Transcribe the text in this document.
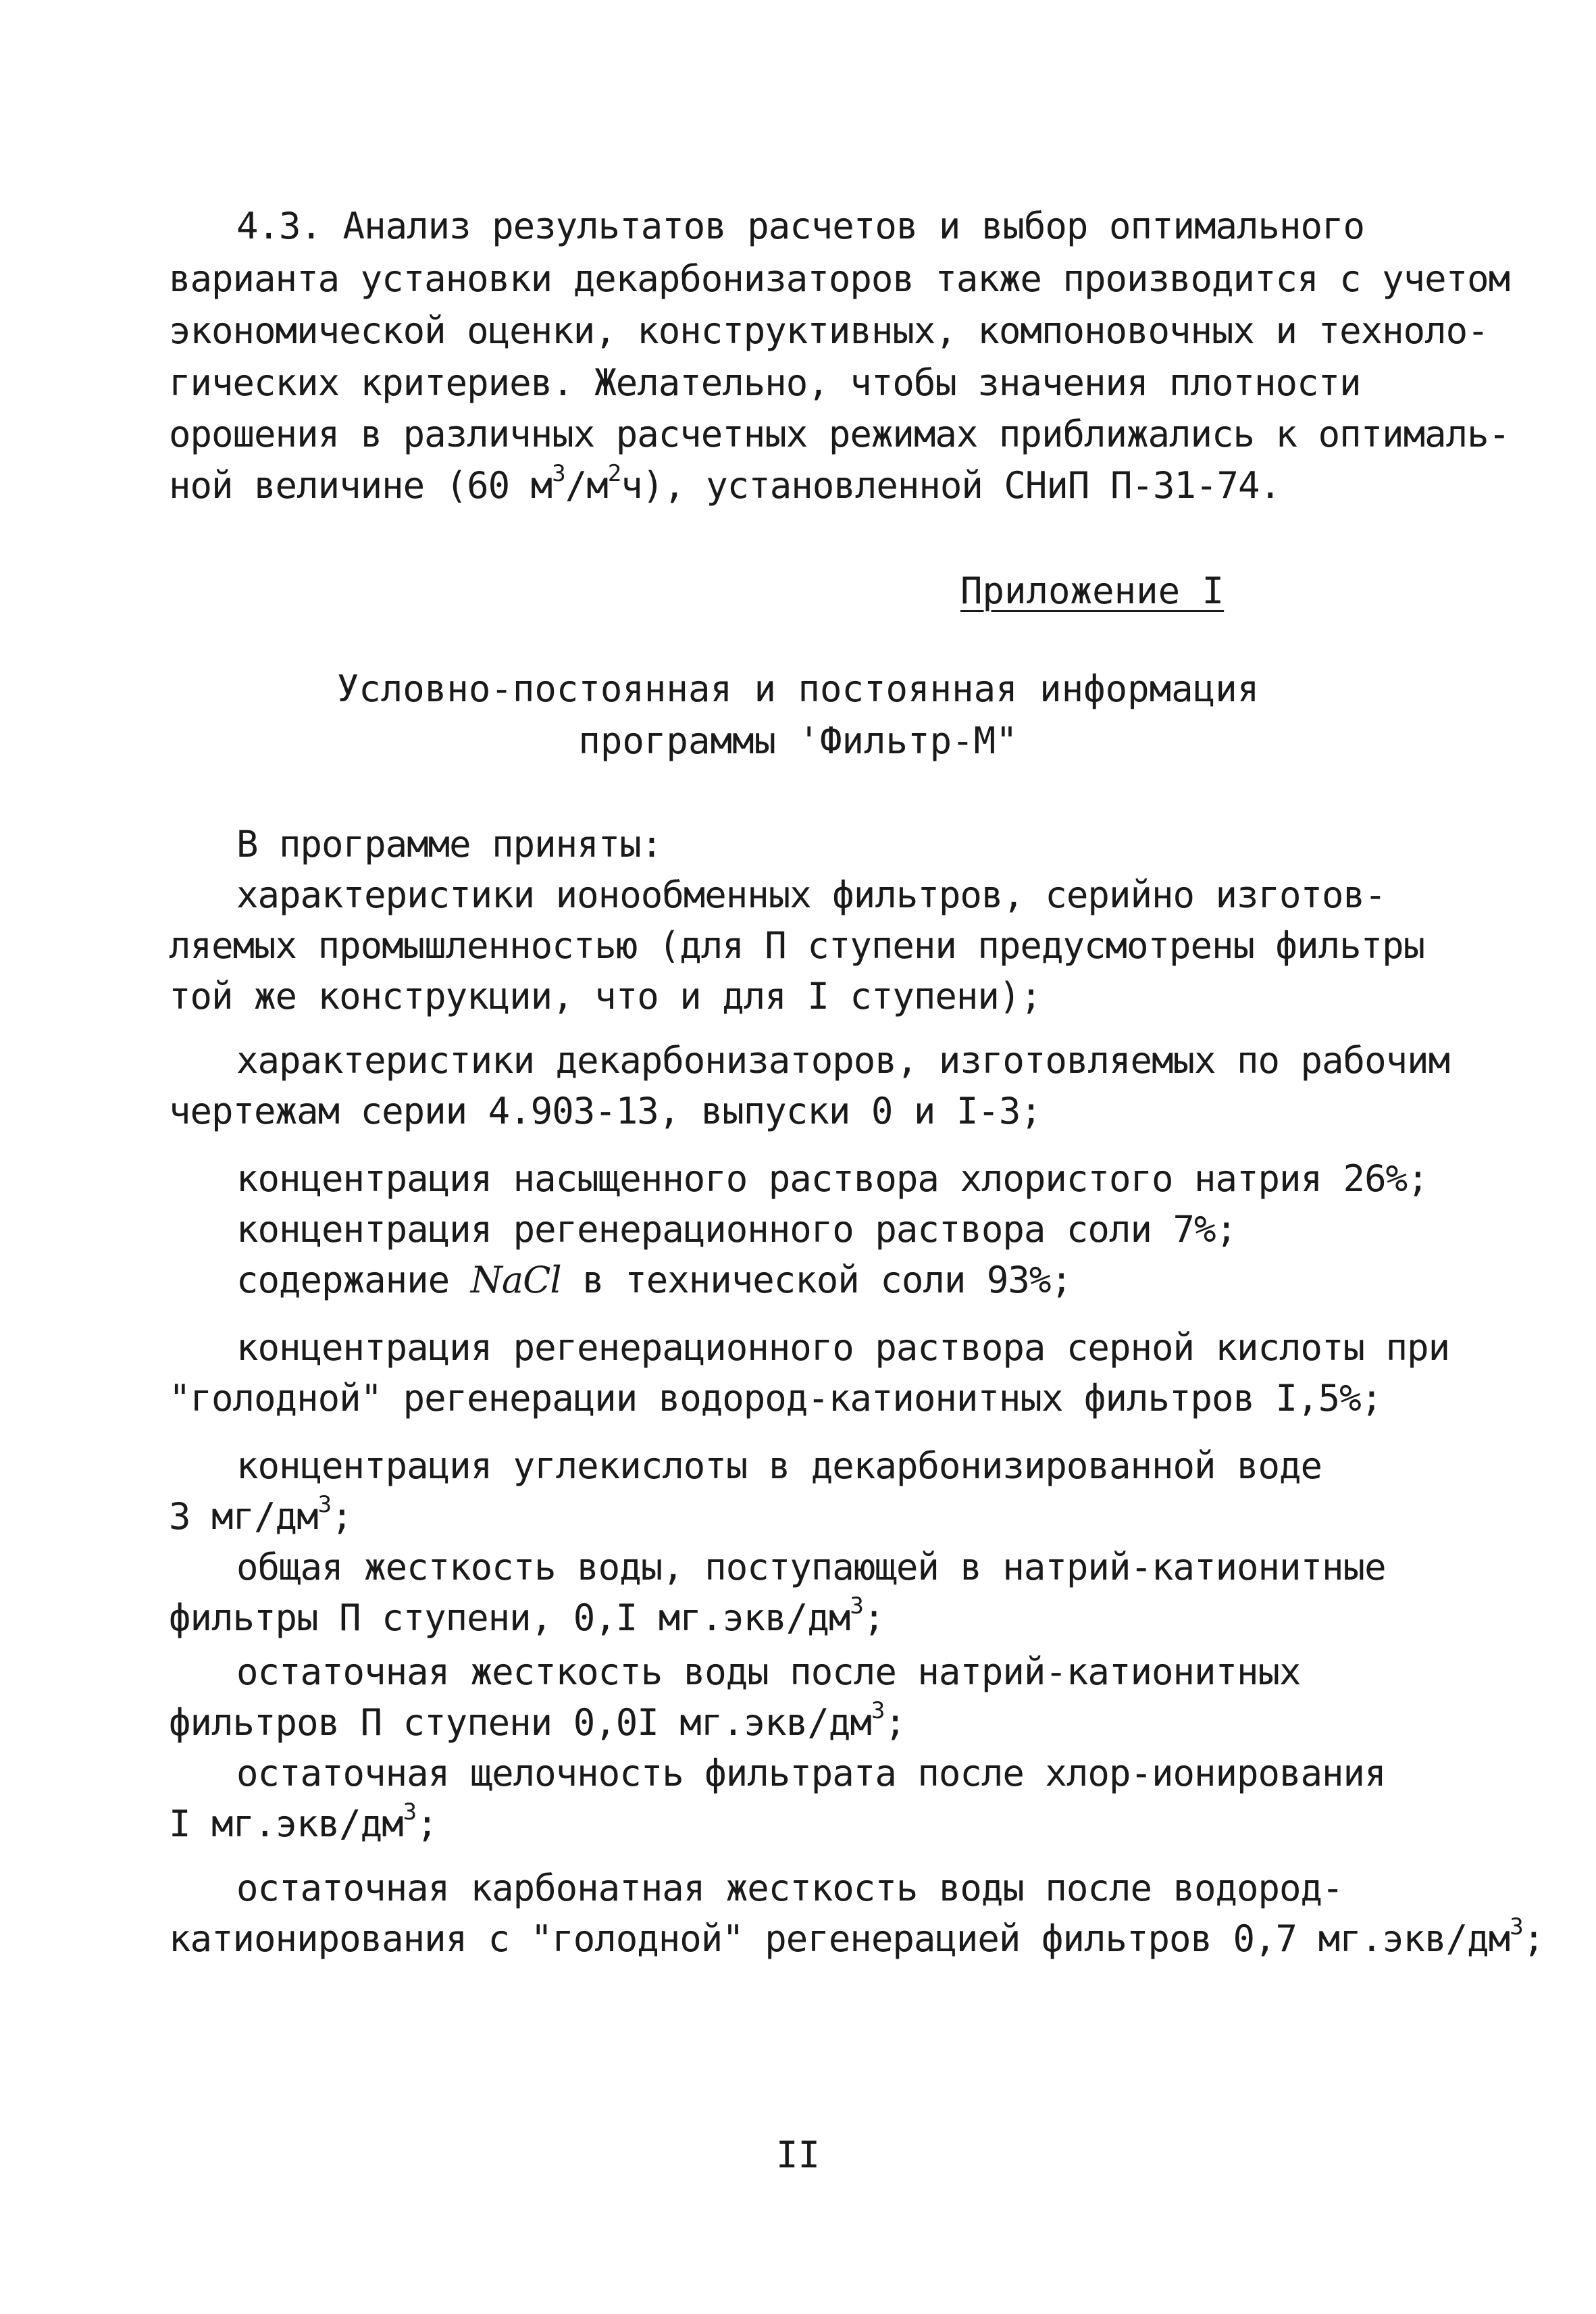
4.3. Анализ результатов расчетов и выбор оптимального
варианта установки декарбонизаторов также производится с учетом
экономической оценки, конструктивных, компоновочных и техноло-
гических критериев. Желательно, чтобы значения плотности
орошения в различных расчетных режимах приближались к оптималь-
ной величине (60 $м^3/м^2ч$), установленной СНиП П-31-74.
Приложение I
Условно-постоянная и постоянная информация
программы 'Фильтр-М"
В программе приняты:
характеристики ионообменных фильтров, серийно изготов-
ляемых промышленностью (для П ступени предусмотрены фильтры
той же конструкции, что и для I ступени);
характеристики декарбонизаторов, изготовляемых по рабочим
чертежам серии 4.903-13, выпуски 0 и I-3;
концентрация насыщенного раствора хлористого натрия 26%;
концентрация регенерационного раствора соли 7%;
содержание NaCl в технической соли 93%;
концентрация регенерационного раствора серной кислоты при
"голодной" регенерации водород-катионитных фильтров I,5%;
концентрация углекислоты в декарбонизированной воде
3 $мг/дм^3$;
общая жесткость воды, поступающей в натрий-катионитные
фильтры П ступени, 0,I $мг.экв/дм^3$;
остаточная жесткость воды после натрий-катионитных
фильтров П ступени 0,0I $мг.экв/дм^3$;
остаточная щелочность фильтрата после хлор-ионирования
I $мг.экв/дм^3$;
остаточная карбонатная жесткость воды после водород-
катионирования с "голодной" регенерацией фильтров 0,7 $мг.экв/дм^3$;
II
